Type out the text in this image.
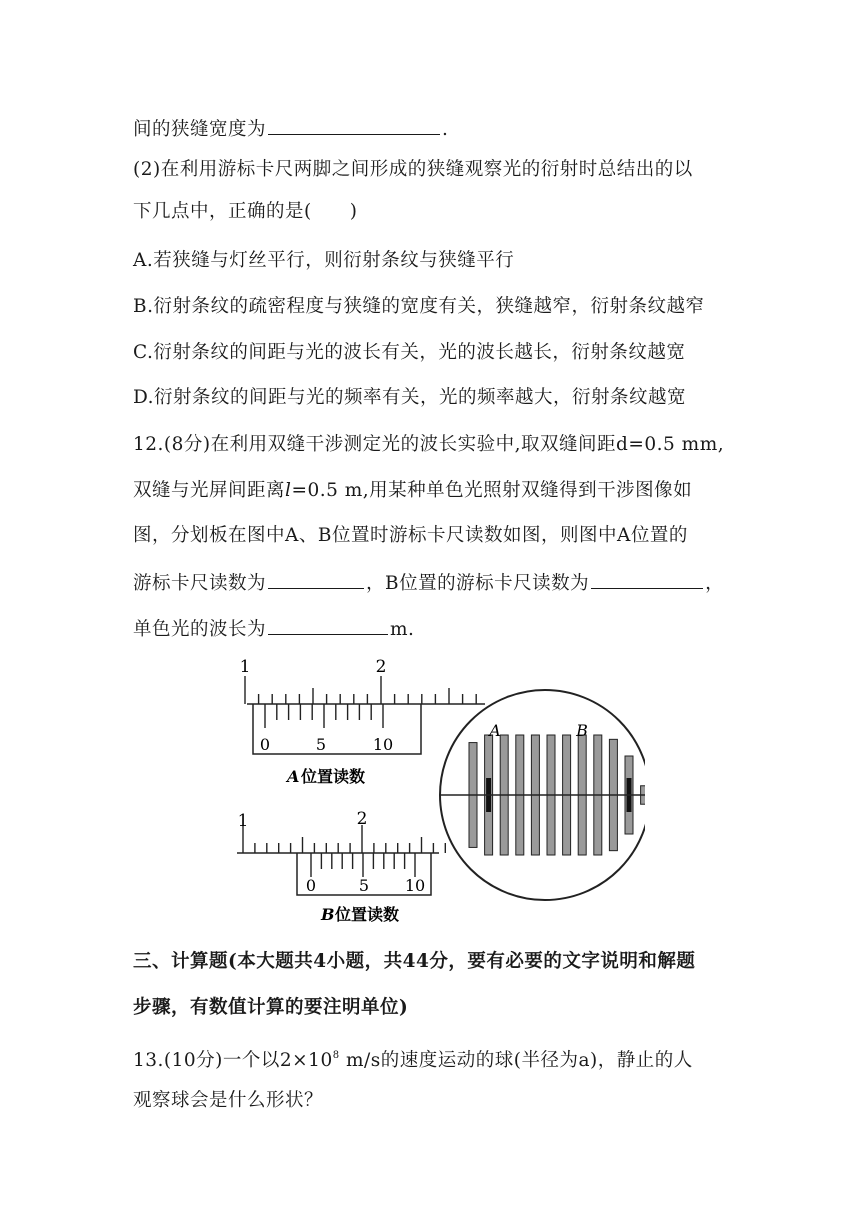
间的狭缝宽度为	.
(2)在利用游标卡尺两脚之间形成的狭缝观察光的衍射时总结出的以
下几点中，正确的是(　　)
A.若狭缝与灯丝平行，则衍射条纹与狭缝平行
B.衍射条纹的疏密程度与狭缝的宽度有关，狭缝越窄，衍射条纹越窄
C.衍射条纹的间距与光的波长有关，光的波长越长，衍射条纹越宽
D.衍射条纹的间距与光的频率有关，光的频率越大，衍射条纹越宽
12.(8分)在利用双缝干涉测定光的波长实验中,取双缝间距d=0.5 mm,
双缝与光屏间距离l=0.5 m,用某种单色光照射双缝得到干涉图像如
图，分划板在图中A、B位置时游标卡尺读数如图，则图中A位置的
游标卡尺读数为	，B位置的游标卡尺读数为	，
单色光的波长为	m.
1	2
0	5	10
A 位置读数
1	2
0	5 10
B 位置读数
A	B
三、计算题(本大题共4小题，共44分，要有必要的文字说明和解题
步骤，有数值计算的要注明单位)
13.(10分)一个以$2\times 10^8$ m/s的速度运动的球(半径为a)，静止的人
观察球会是什么形状？
